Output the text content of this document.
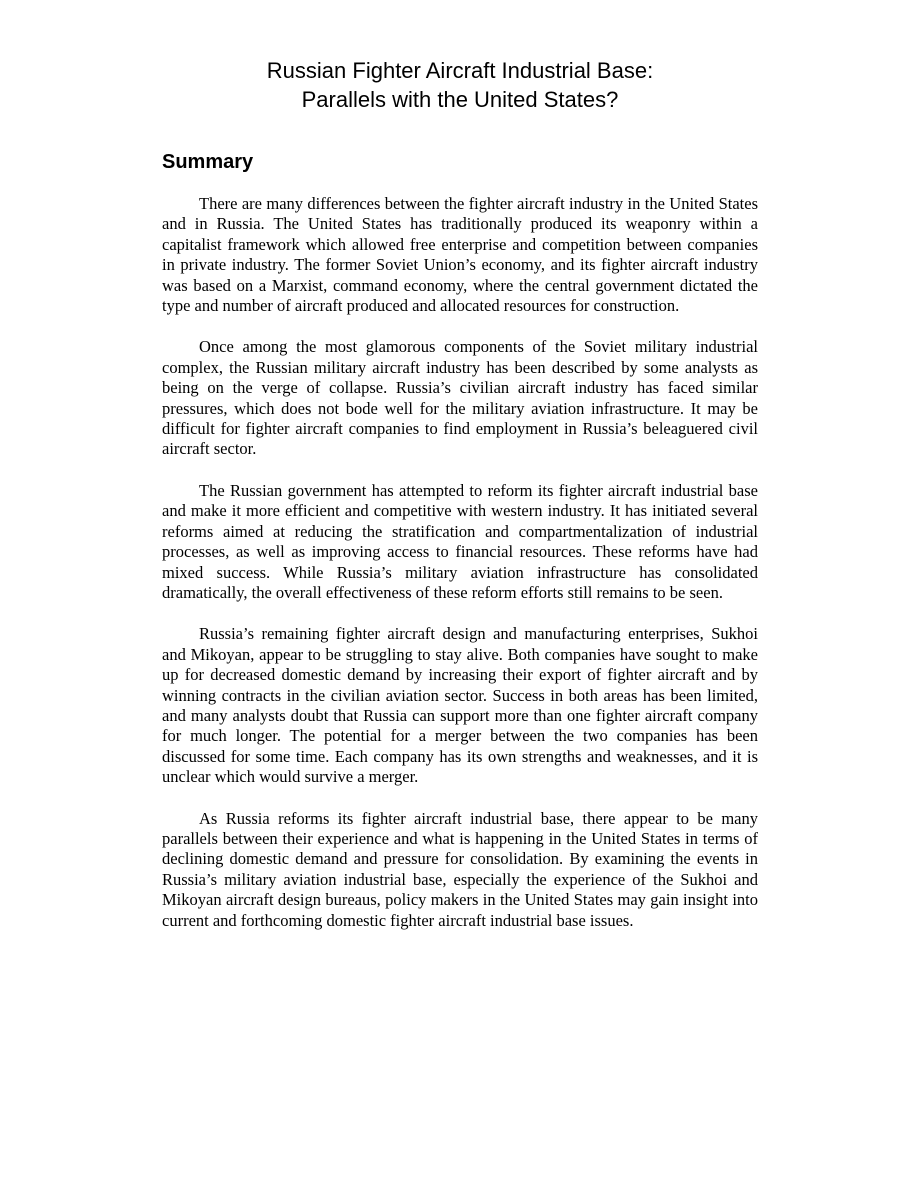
Russian Fighter Aircraft Industrial Base:
Parallels with the United States?
Summary

There are many differences between the fighter aircraft industry in the United States and in Russia. The United States has traditionally produced its weaponry within a capitalist framework which allowed free enterprise and competition between companies in private industry. The former Soviet Union’s economy, and its fighter aircraft industry was based on a Marxist, command economy, where the central government dictated the type and number of aircraft produced and allocated resources for construction.

Once among the most glamorous components of the Soviet military industrial complex, the Russian military aircraft industry has been described by some analysts as being on the verge of collapse. Russia’s civilian aircraft industry has faced similar pressures, which does not bode well for the military aviation infrastructure. It may be difficult for fighter aircraft companies to find employment in Russia’s beleaguered civil aircraft sector.

The Russian government has attempted to reform its fighter aircraft industrial base and make it more efficient and competitive with western industry. It has initiated several reforms aimed at reducing the stratification and compartmentalization of industrial processes, as well as improving access to financial resources. These reforms have had mixed success. While Russia’s military aviation infrastructure has consolidated dramatically, the overall effectiveness of these reform efforts still remains to be seen.

Russia’s remaining fighter aircraft design and manufacturing enterprises, Sukhoi and Mikoyan, appear to be struggling to stay alive. Both companies have sought to make up for decreased domestic demand by increasing their export of fighter aircraft and by winning contracts in the civilian aviation sector. Success in both areas has been limited, and many analysts doubt that Russia can support more than one fighter aircraft company for much longer. The potential for a merger between the two companies has been discussed for some time. Each company has its own strengths and weaknesses, and it is unclear which would survive a merger.

As Russia reforms its fighter aircraft industrial base, there appear to be many parallels between their experience and what is happening in the United States in terms of declining domestic demand and pressure for consolidation. By examining the events in Russia’s military aviation industrial base, especially the experience of the Sukhoi and Mikoyan aircraft design bureaus, policy makers in the United States may gain insight into current and forthcoming domestic fighter aircraft industrial base issues.
